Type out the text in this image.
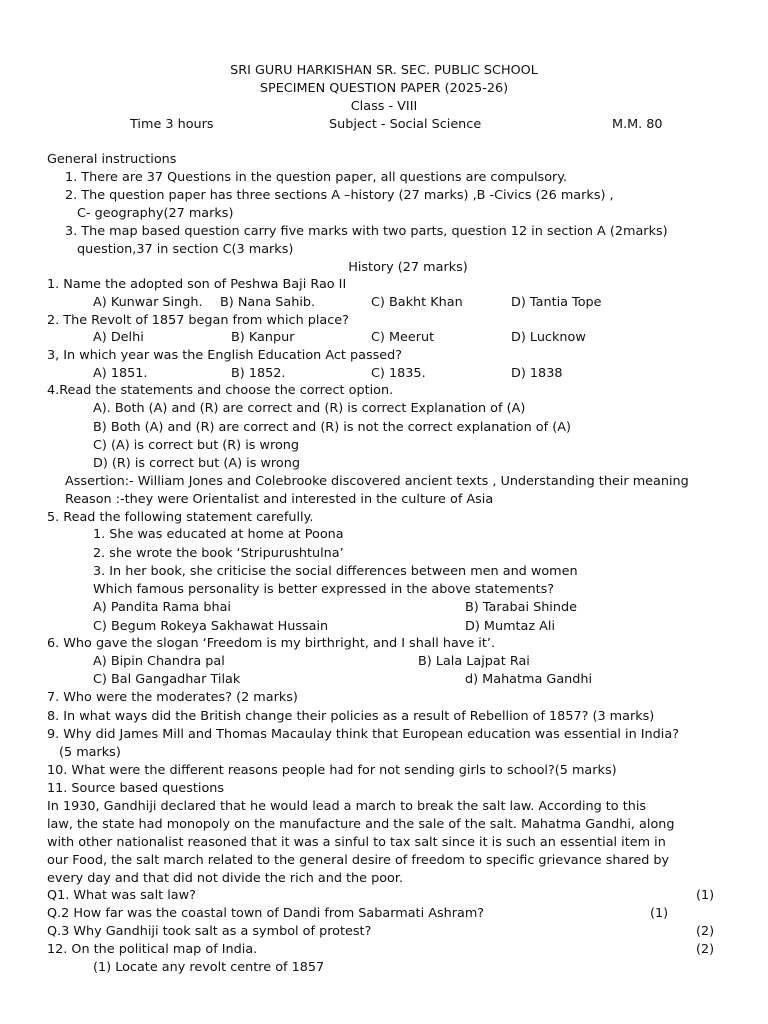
SRI GURU HARKISHAN SR. SEC. PUBLIC SCHOOL
SPECIMEN QUESTION PAPER (2025-26)
Class - VIII
Time 3 hours	Subject - Social Science	M.M. 80
General instructions
1. There are 37 Questions in the question paper, all questions are compulsory.
2. The question paper has three sections A –history (27 marks) ,B -Civics (26 marks) ,
C- geography(27 marks)
3. The map based question carry five marks with two parts, question 12 in section A (2marks)
question,37 in section C(3 marks)
History (27 marks)
1. Name the adopted son of Peshwa Baji Rao II
A) Kunwar Singh. B) Nana Sahib.	C) Bakht Khan	D) Tantia Tope
2. The Revolt of 1857 began from which place?
A) Delhi	B) Kanpur	C) Meerut	D) Lucknow
3, In which year was the English Education Act passed?
A) 1851.	B) 1852.	C) 1835.	D) 1838
4.Read the statements and choose the correct option.
A). Both (A) and (R) are correct and (R) is correct Explanation of (A)
B) Both (A) and (R) are correct and (R) is not the correct explanation of (A)
C) (A) is correct but (R) is wrong
D) (R) is correct but (A) is wrong
Assertion:- William Jones and Colebrooke discovered ancient texts , Understanding their meaning
Reason :-they were Orientalist and interested in the culture of Asia
5. Read the following statement carefully.
1. She was educated at home at Poona
2. she wrote the book ‘Stripurushtulna’
3. In her book, she criticise the social differences between men and women
Which famous personality is better expressed in the above statements?
A) Pandita Rama bhai	B) Tarabai Shinde
C) Begum Rokeya Sakhawat Hussain	D) Mumtaz Ali
6. Who gave the slogan ‘Freedom is my birthright, and I shall have it’.
A) Bipin Chandra pal	B) Lala Lajpat Rai
C) Bal Gangadhar Tilak	d) Mahatma Gandhi
7. Who were the moderates? (2 marks)
8. In what ways did the British change their policies as a result of Rebellion of 1857? (3 marks)
9. Why did James Mill and Thomas Macaulay think that European education was essential in India?
(5 marks)
10. What were the different reasons people had for not sending girls to school?(5 marks)
11. Source based questions
In 1930, Gandhiji declared that he would lead a march to break the salt law. According to this
law, the state had monopoly on the manufacture and the sale of the salt. Mahatma Gandhi, along
with other nationalist reasoned that it was a sinful to tax salt since it is such an essential item in
our Food, the salt march related to the general desire of freedom to specific grievance shared by
every day and that did not divide the rich and the poor.
Q1. What was salt law?	(1)
Q.2 How far was the coastal town of Dandi from Sabarmati Ashram?	(1)
Q.3 Why Gandhiji took salt as a symbol of protest?	(2)
12. On the political map of India.	(2)
(1) Locate any revolt centre of 1857
